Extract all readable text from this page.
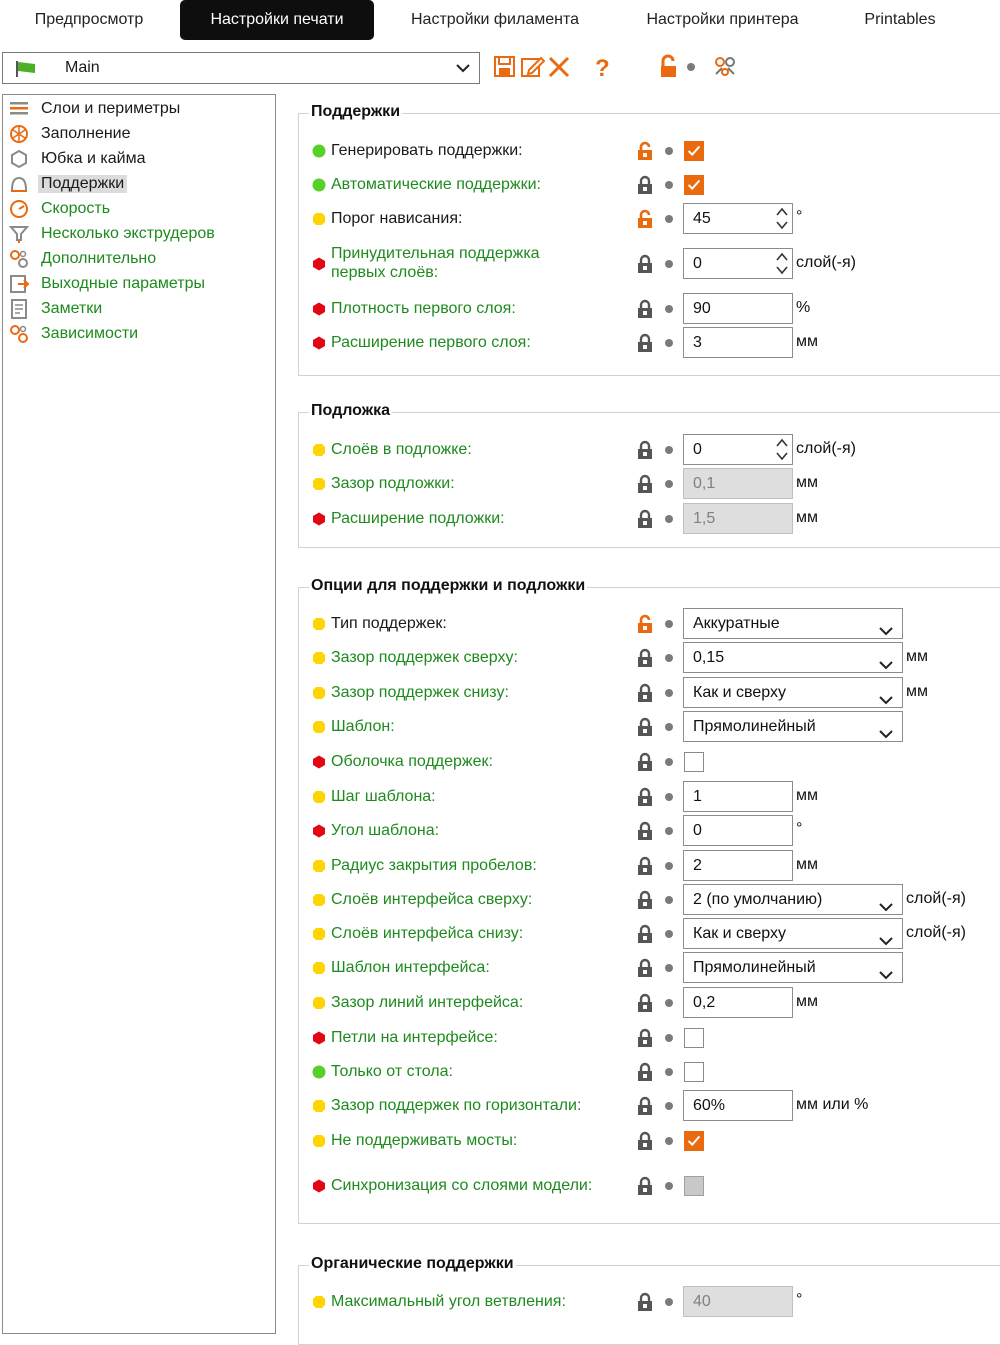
Предпросмотр	Настройки печати	Настройки филамента	Настройки принтера	Printables
Main	?
Слои и периметры
Заполнение
Юбка и кайма
Поддержки
Скорость
Несколько экструдеров
Дополнительно
Выходные параметры
Заметки
Зависимости
Поддержки
Подложка
Опции для поддержки и подложки
Органические поддержки
Генерировать поддержки:
Автоматические поддержки:
Порог нависания:	45	°
Принудительная поддержка
первых слоёв:
0	слой(-я)
Плотность первого слоя:	90	%
Расширение первого слоя:	3	мм
Слоёв в подложке:	0	слой(-я)
Зазор подложки:	0,1	мм
Расширение подложки:	1,5	мм
Тип поддержек:	Аккуратные
Зазор поддержек сверху:	0,15	мм
Зазор поддержек снизу:	Как и сверху	мм
Шаблон:	Прямолинейный
Оболочка поддержек:
Шаг шаблона:	1	мм
Угол шаблона:	0	°
Радиус закрытия пробелов:	2	мм
Слоёв интерфейса сверху:	2 (по умолчанию)	слой(-я)
Слоёв интерфейса снизу:	Как и сверху	слой(-я)
Шаблон интерфейса:	Прямолинейный
Зазор линий интерфейса:	0,2	мм
Петли на интерфейсе:
Только от стола:
Зазор поддержек по горизонтали:	60%	мм или %
Не поддерживать мосты:
Синхронизация со слоями модели:
Максимальный угол ветвления:	40	°
